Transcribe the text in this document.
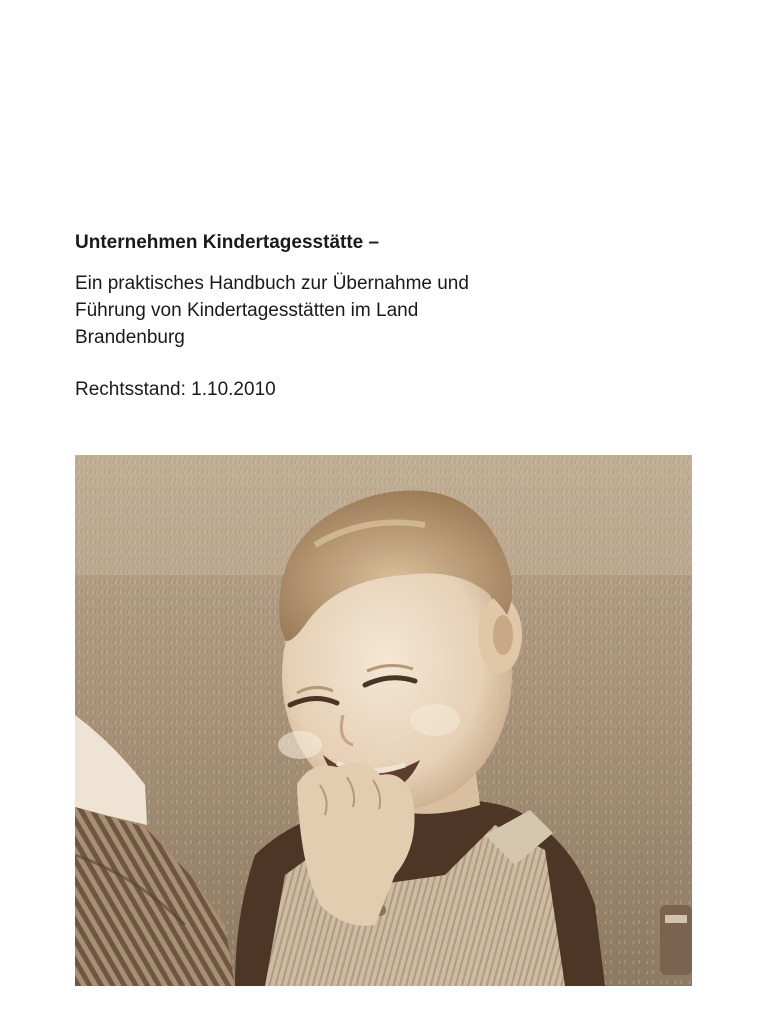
Unternehmen Kindertagesstätte –
Ein praktisches Handbuch zur Übernahme und
Führung von Kindertagesstätten im Land
Brandenburg

Rechtsstand: 1.10.2010
